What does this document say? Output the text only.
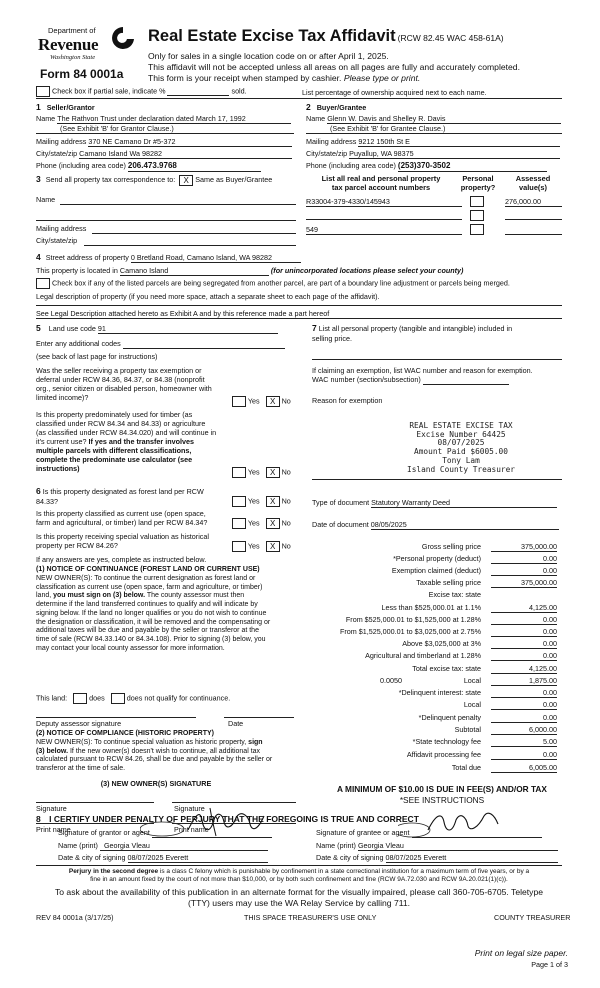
Department of
Revenue
Washington State
Form 84 0001a
Real Estate Excise Tax Affidavit (RCW 82.45 WAC 458-61A)
Only for sales in a single location code on or after April 1, 2025.
This affidavit will not be accepted unless all areas on all pages are fully and accurately completed.
This form is your receipt when stamped by cashier. Please type or print.
Check box if partial sale, indicate %	sold.	List percentage of ownership acquired next to each name.
1 Seller/Grantor
Name The Rathvon Trust under declaration dated March 17, 1992
(See Exhibit 'B' for Grantor Clause.)
Mailing address 370 NE Camano Dr #5-372
City/state/zip Camano Island Wa 98282
Phone (including area code) 206.473.9768
2 Buyer/Grantee
Name Glenn W. Davis and Shelley R. Davis
(See Exhibit 'B' for Grantee Clause.)
Mailing address 9212 150th St E
City/state/zip Puyallup, WA 98375
Phone (including area code) (253)370-3502
3 Send all property tax correspondence to: X Same as Buyer/Grantee
Name
Mailing address
City/state/zip
List all real and personal property
tax parcel account numbers
Personal
property?
Assessed
value(s)
R33004-379-4330/145943	276,000.00
549
4 Street address of property 0 Bretland Road, Camano Island, WA 98282
This property is located in Camano Island	(for unincorporated locations please select your county)
Check box if any of the listed parcels are being segregated from another parcel, are part of a boundary line adjustment or parcels being merged.
Legal description of property (if you need more space, attach a separate sheet to each page of the affidavit).
See Legal Description attached hereto as Exhibit A and by this reference made a part hereof
5 Land use code 91
Enter any additional codes
(see back of last page for instructions)
Was the seller receiving a property tax exemption or
deferral under RCW 84.36, 84.37, or 84.38 (nonprofit
org., senior citizen or disabled person, homeowner with
limited income)?	Yes X No
Is this property predominately used for timber (as
classified under RCW 84.34 and 84.33) or agriculture
(as classified under RCW 84.34.020) and will continue in
it's current use? If yes and the transfer involves
multiple parcels with different classifications,
complete the predominate use calculator (see
instructions)	Yes X No
6 Is this property designated as forest land per RCW
84.33?	Yes X No
Is this property classified as current use (open space,
farm and agricultural, or timber) land per RCW 84.34?	Yes X No
Is this property receiving special valuation as historical
property per RCW 84.26?	Yes X No
If any answers are yes, complete as instructed below.
(1) NOTICE OF CONTINUANCE (FOREST LAND OR CURRENT USE)
NEW OWNER(S): To continue the current designation as forest land or
classification as current use (open space, farm and agriculture, or timber)
land, you must sign on (3) below. The county assessor must then
determine if the land transferred continues to qualify and will indicate by
signing below. If the land no longer qualifies or you do not wish to continue
the designation or classification, it will be removed and the compensating or
additional taxes will be due and payable by the seller or transferor at the
time of sale (RCW 84.33.140 or 84.34.108). Prior to signing (3) below, you
may contact your local county assessor for more information.
This land:	does	does not qualify for continuance.
Deputy assessor signature	Date
(2) NOTICE OF COMPLIANCE (HISTORIC PROPERTY)
NEW OWNER(S): To continue special valuation as historic property, sign
(3) below. If the new owner(s) doesn't wish to continue, all additional tax
calculated pursuant to RCW 84.26, shall be due and payable by the seller or
transferor at the time of sale.
(3) NEW OWNER(S) SIGNATURE
Signature	Signature
Print name	Print name
7 List all personal property (tangible and intangible) included in
selling price.
If claiming an exemption, list WAC number and reason for exemption.
WAC number (section/subsection)
Reason for exemption
REAL ESTATE EXCISE TAX
Excise Number 64425
08/07/2025
Amount Paid $6005.00
Tony Lam
Island County Treasurer
Type of document Statutory Warranty Deed
Date of document 08/05/2025
Gross selling price	375,000.00
*Personal property (deduct)	0.00
Exemption claimed (deduct)	0.00
Taxable selling price	375,000.00
Excise tax: state
Less than $525,000.01 at 1.1%	4,125.00
From $525,000.01 to $1,525,000 at 1.28%	0.00
From $1,525,000.01 to $3,025,000 at 2.75%	0.00
Above $3,025,000 at 3%	0.00
Agricultural and timberland at 1.28%	0.00
Total excise tax: state	4,125.00
0.0050	Local	1,875.00
*Delinquent interest: state	0.00
Local	0.00
*Delinquent penalty	0.00
Subtotal	6,000.00
*State technology fee	5.00
Affidavit processing fee	0.00
Total due	6,005.00
A MINIMUM OF $10.00 IS DUE IN FEE(S) AND/OR TAX
*SEE INSTRUCTIONS
8 I CERTIFY UNDER PENALTY OF PERJURY THAT THE FOREGOING IS TRUE AND CORRECT
Signature of grantor or agent	Signature of grantee or agent
Name (print) Georgia Vleau	Name (print) Georgia Vleau
Date & city of signing 08/07/2025 Everett	Date & city of signing 08/07/2025 Everett
Perjury in the second degree is a class C felony which is punishable by confinement in a state correctional institution for a maximum term of five years, or by a
fine in an amount fixed by the court of not more than $10,000, or by both such confinement and fine (RCW 9A.72.030 and RCW 9A.20.021(1)(c)).
To ask about the availability of this publication in an alternate format for the visually impaired, please call 360-705-6705. Teletype
(TTY) users may use the WA Relay Service by calling 711.
REV 84 0001a (3/17/25)	THIS SPACE TREASURER'S USE ONLY	COUNTY TREASURER
Print on legal size paper.
Page 1 of 3
